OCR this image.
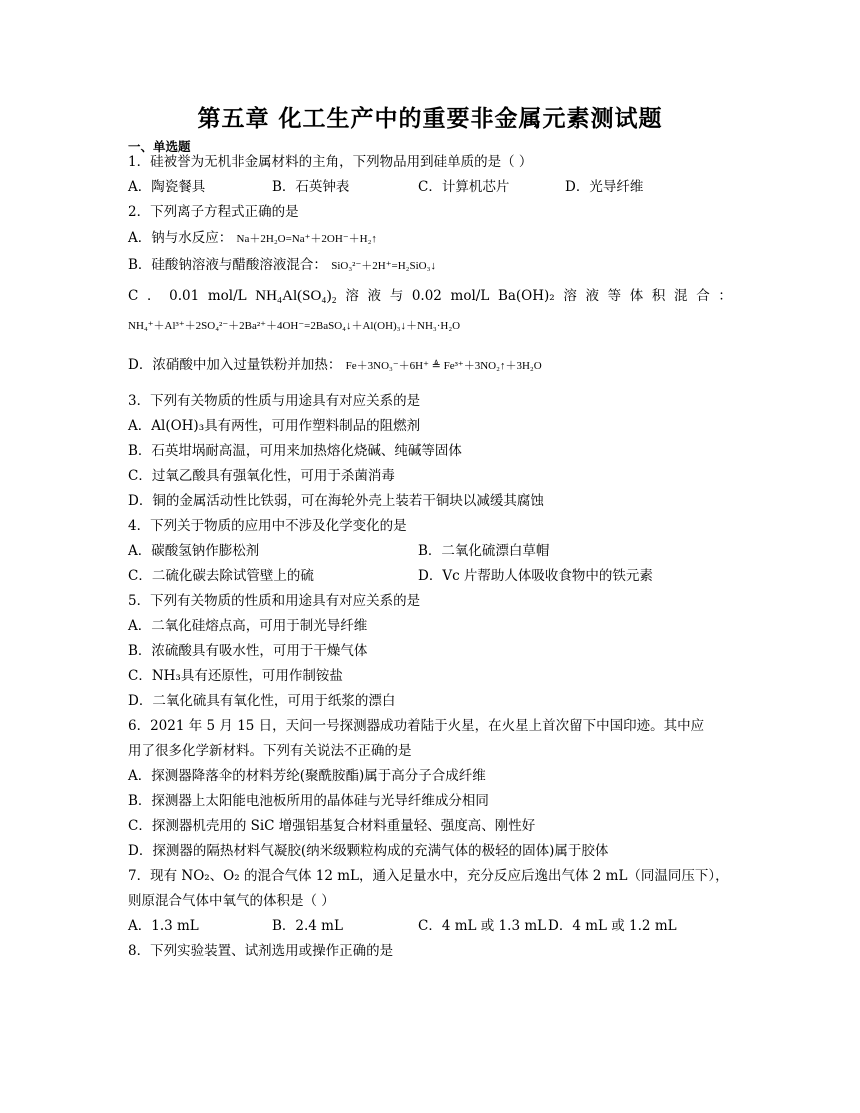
第五章 化工生产中的重要非金属元素测试题
一、单选题
1．硅被誉为无机非金属材料的主角，下列物品用到硅单质的是（ ）
A．陶瓷餐具	B．石英钟表	C．计算机芯片	D．光导纤维
2．下列离子方程式正确的是
A．钠与水反应： Na＋2H₂O=Na⁺＋2OH⁻＋H₂↑
B．硅酸钠溶液与醋酸溶液混合： SiO₃²⁻＋2H⁺=H₂SiO₃↓
C ． 0.01 mol/L NH₄Al(SO₄)₂ 溶 液 与 0.02 mol/L Ba(OH)₂ 溶 液 等 体 积 混 合 ：
NH₄⁺＋Al³⁺＋2SO₄²⁻＋2Ba²⁺＋4OH⁻=2BaSO₄↓＋Al(OH)₃↓＋NH₃·H₂O
D．浓硝酸中加入过量铁粉并加热： Fe＋3NO₃⁻＋6H⁺ ≜ Fe³⁺＋3NO₂↑＋3H₂O
3．下列有关物质的性质与用途具有对应关系的是
A．Al(OH)₃具有两性，可用作塑料制品的阻燃剂
B．石英坩埚耐高温，可用来加热熔化烧碱、纯碱等固体
C．过氧乙酸具有强氧化性，可用于杀菌消毒
D．铜的金属活动性比铁弱，可在海轮外壳上装若干铜块以减缓其腐蚀
4．下列关于物质的应用中不涉及化学变化的是
A．碳酸氢钠作膨松剂	B．二氧化硫漂白草帽
C．二硫化碳去除试管壁上的硫	D．Vc 片帮助人体吸收食物中的铁元素
5．下列有关物质的性质和用途具有对应关系的是
A．二氧化硅熔点高，可用于制光导纤维
B．浓硫酸具有吸水性，可用于干燥气体
C．NH₃具有还原性，可用作制铵盐
D．二氧化硫具有氧化性，可用于纸浆的漂白
6．2021 年 5 月 15 日，天问一号探测器成功着陆于火星，在火星上首次留下中国印迹。其中应
用了很多化学新材料。下列有关说法不正确的是
A．探测器降落伞的材料芳纶(聚酰胺酯)属于高分子合成纤维
B．探测器上太阳能电池板所用的晶体硅与光导纤维成分相同
C．探测器机壳用的 SiC 增强铝基复合材料重量轻、强度高、刚性好
D．探测器的隔热材料气凝胶(纳米级颗粒构成的充满气体的极轻的固体)属于胶体
7．现有 NO₂、O₂ 的混合气体 12 mL，通入足量水中，充分反应后逸出气体 2 mL（同温同压下），
则原混合气体中氧气的体积是（ ）
A．1.3 mL	B．2.4 mL	C．4 mL 或 1.3 mL D．4 mL 或 1.2 mL
8．下列实验装置、试剂选用或操作正确的是
